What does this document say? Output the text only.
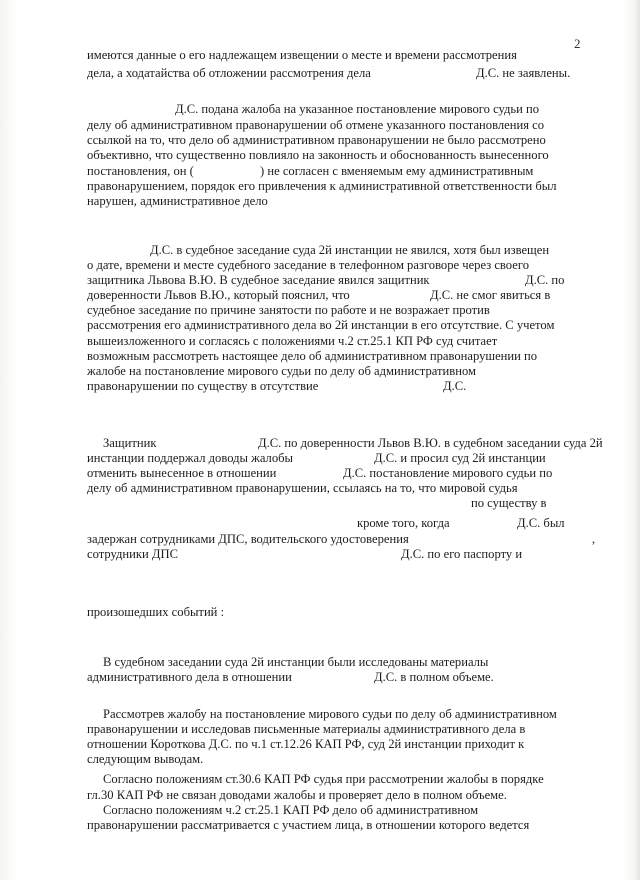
2
имеются данные о его надлежащем извещении о месте и времени рассмотрения
дела, а ходатайства об отложении рассмотрения дела	Д.С. не заявлены.
Д.С. подана жалоба на указанное постановление мирового судьи по
делу об административном правонарушении об отмене указанного постановления со
ссылкой на то, что дело об административном правонарушении не было рассмотрено
объективно, что существенно повлияло на законность и обоснованность вынесенного
постановления, он (	) не согласен с вменяемым ему административным
правонарушением, порядок его привлечения к административной ответственности был
нарушен, административное дело
Д.С. в судебное заседание суда 2й инстанции не явился, хотя был извещен
о дате, времени и месте судебного заседание в телефонном разговоре через своего
защитника Львова В.Ю. В судебное заседание явился защитник	Д.С. по
доверенности Львов В.Ю., который пояснил, что	Д.С. не смог явиться в
судебное заседание по причине занятости по работе и не возражает против
рассмотрения его административного дела во 2й инстанции в его отсутствие. С учетом
вышеизложенного и согласясь с положениями ч.2 ст.25.1 КП РФ суд считает
возможным рассмотреть настоящее дело об административном правонарушении по
жалобе на постановление мирового судьи по делу об административном
правонарушении по существу в отсутствие	Д.С.
Защитник	Д.С. по доверенности Львов В.Ю. в судебном заседании суда 2й
инстанции поддержал доводы жалобы	Д.С. и просил суд 2й инстанции
отменить вынесенное в отношении	Д.С. постановление мирового судьи по
делу об административном правонарушении, ссылаясь на то, что мировой судья
по существу в
кроме того, когда	Д.С. был
задержан сотрудниками ДПС, водительского удостоверения	,
сотрудники ДПС	Д.С. по его паспорту и
произошедших событий :
В судебном заседании суда 2й инстанции были исследованы материалы
административного дела в отношении	Д.С. в полном объеме.
Рассмотрев жалобу на постановление мирового судьи по делу об административном
правонарушении и исследовав письменные материалы административного дела в
отношении Короткова Д.С. по ч.1 ст.12.26 КАП РФ, суд 2й инстанции приходит к
следующим выводам.
Согласно положениям ст.30.6 КАП РФ судья при рассмотрении жалобы в порядке
гл.30 КАП РФ не связан доводами жалобы и проверяет дело в полном объеме.
Согласно положениям ч.2 ст.25.1 КАП РФ дело об административном
правонарушении рассматривается с участием лица, в отношении которого ведется
